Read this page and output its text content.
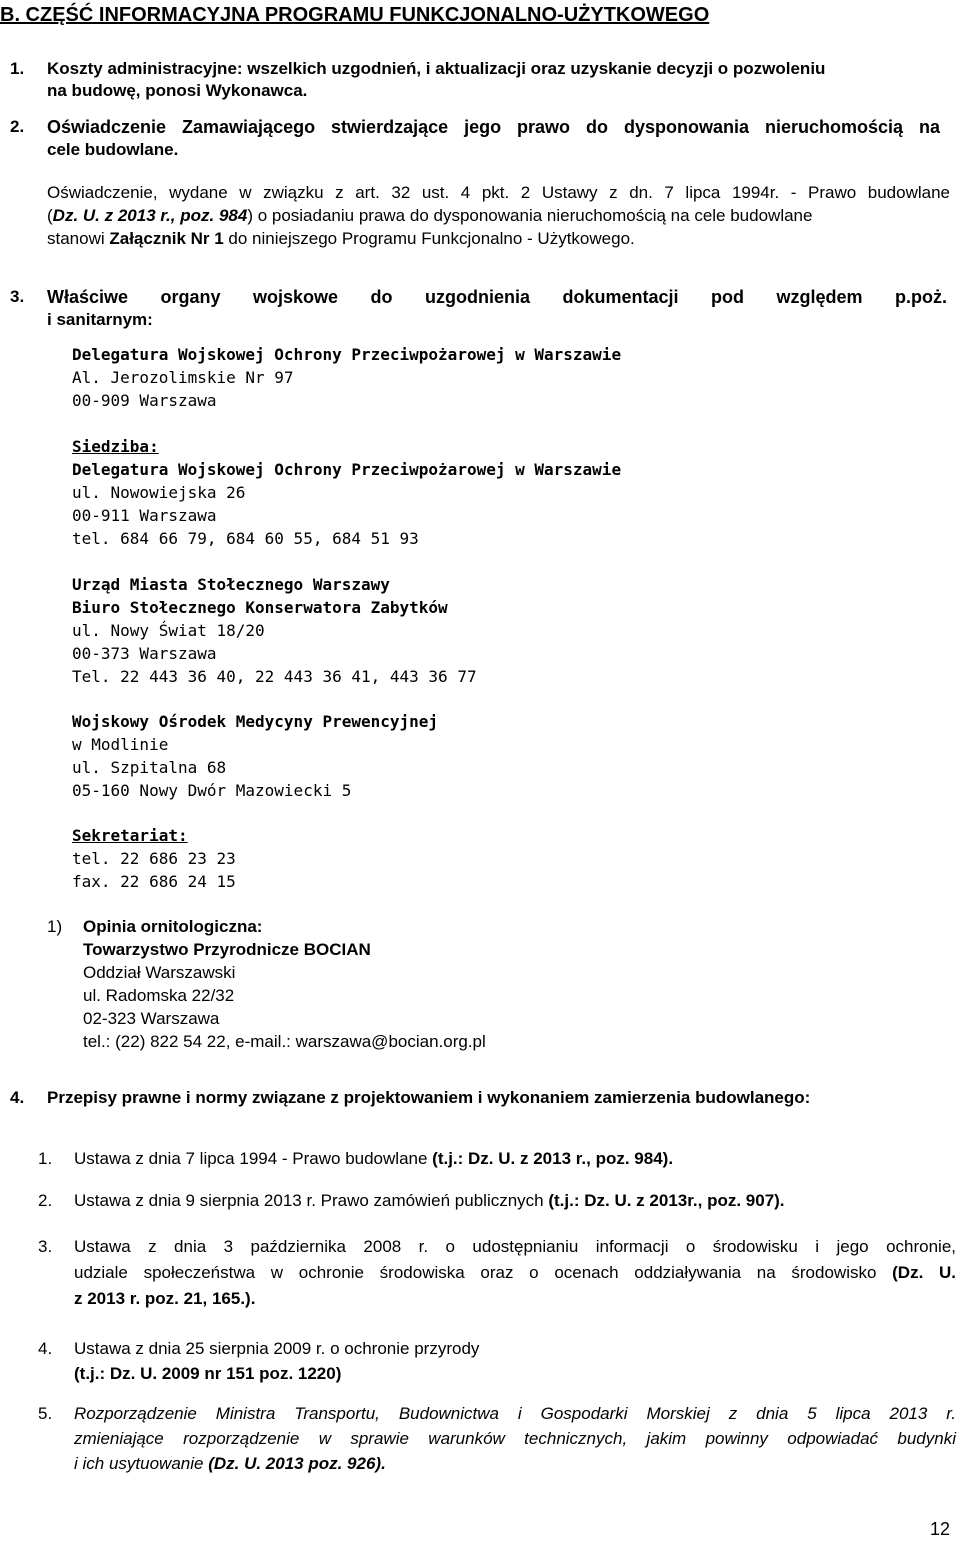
B. CZĘŚĆ INFORMACYJNA PROGRAMU FUNKCJONALNO-UŻYTKOWEGO
1. Koszty administracyjne: wszelkich uzgodnień, i aktualizacji oraz uzyskanie decyzji o pozwoleniu
na budowę, ponosi Wykonawca.
2. Oświadczenie Zamawiającego stwierdzające jego prawo do dysponowania nieruchomością na
cele budowlane.
Oświadczenie, wydane w związku z art. 32 ust. 4 pkt. 2 Ustawy z dn. 7 lipca 1994r. - Prawo budowlane
(Dz. U. z 2013 r., poz. 984) o posiadaniu prawa do dysponowania nieruchomością na cele budowlane
stanowi Załącznik Nr 1 do niniejszego Programu Funkcjonalno - Użytkowego.
3. Właściwe organy wojskowe do uzgodnienia dokumentacji pod względem p.poż.
i sanitarnym:
Delegatura Wojskowej Ochrony Przeciwpożarowej w Warszawie
Al. Jerozolimskie Nr 97
00-909 Warszawa
Siedziba:
Delegatura Wojskowej Ochrony Przeciwpożarowej w Warszawie
ul. Nowowiejska 26
00-911 Warszawa
tel. 684 66 79, 684 60 55, 684 51 93
Urząd Miasta Stołecznego Warszawy
Biuro Stołecznego Konserwatora Zabytków
ul. Nowy Świat 18/20
00-373 Warszawa
Tel. 22 443 36 40, 22 443 36 41, 443 36 77
Wojskowy Ośrodek Medycyny Prewencyjnej
w Modlinie
ul. Szpitalna 68
05-160 Nowy Dwór Mazowiecki 5
Sekretariat:
tel. 22 686 23 23
fax. 22 686 24 15
1) Opinia ornitologiczna:
Towarzystwo Przyrodnicze BOCIAN
Oddział Warszawski
ul. Radomska 22/32
02-323 Warszawa
tel.: (22) 822 54 22, e-mail.: warszawa@bocian.org.pl
4. Przepisy prawne i normy związane z projektowaniem i wykonaniem zamierzenia budowlanego:
1. Ustawa z dnia 7 lipca 1994 - Prawo budowlane (t.j.: Dz. U. z 2013 r., poz. 984).
2. Ustawa z dnia 9 sierpnia 2013 r. Prawo zamówień publicznych (t.j.: Dz. U. z 2013r., poz. 907).
3. Ustawa z dnia 3 października 2008 r. o udostępnianiu informacji o środowisku i jego ochronie,
udziale społeczeństwa w ochronie środowiska oraz o ocenach oddziaływania na środowisko (Dz. U.
z 2013 r. poz. 21, 165.).
4. Ustawa z dnia 25 sierpnia 2009 r. o ochronie przyrody
(t.j.: Dz. U. 2009 nr 151 poz. 1220)
5. Rozporządzenie Ministra Transportu, Budownictwa i Gospodarki Morskiej z dnia 5 lipca 2013 r.
zmieniające rozporządzenie w sprawie warunków technicznych, jakim powinny odpowiadać budynki
i ich usytuowanie (Dz. U. 2013 poz. 926).
12
